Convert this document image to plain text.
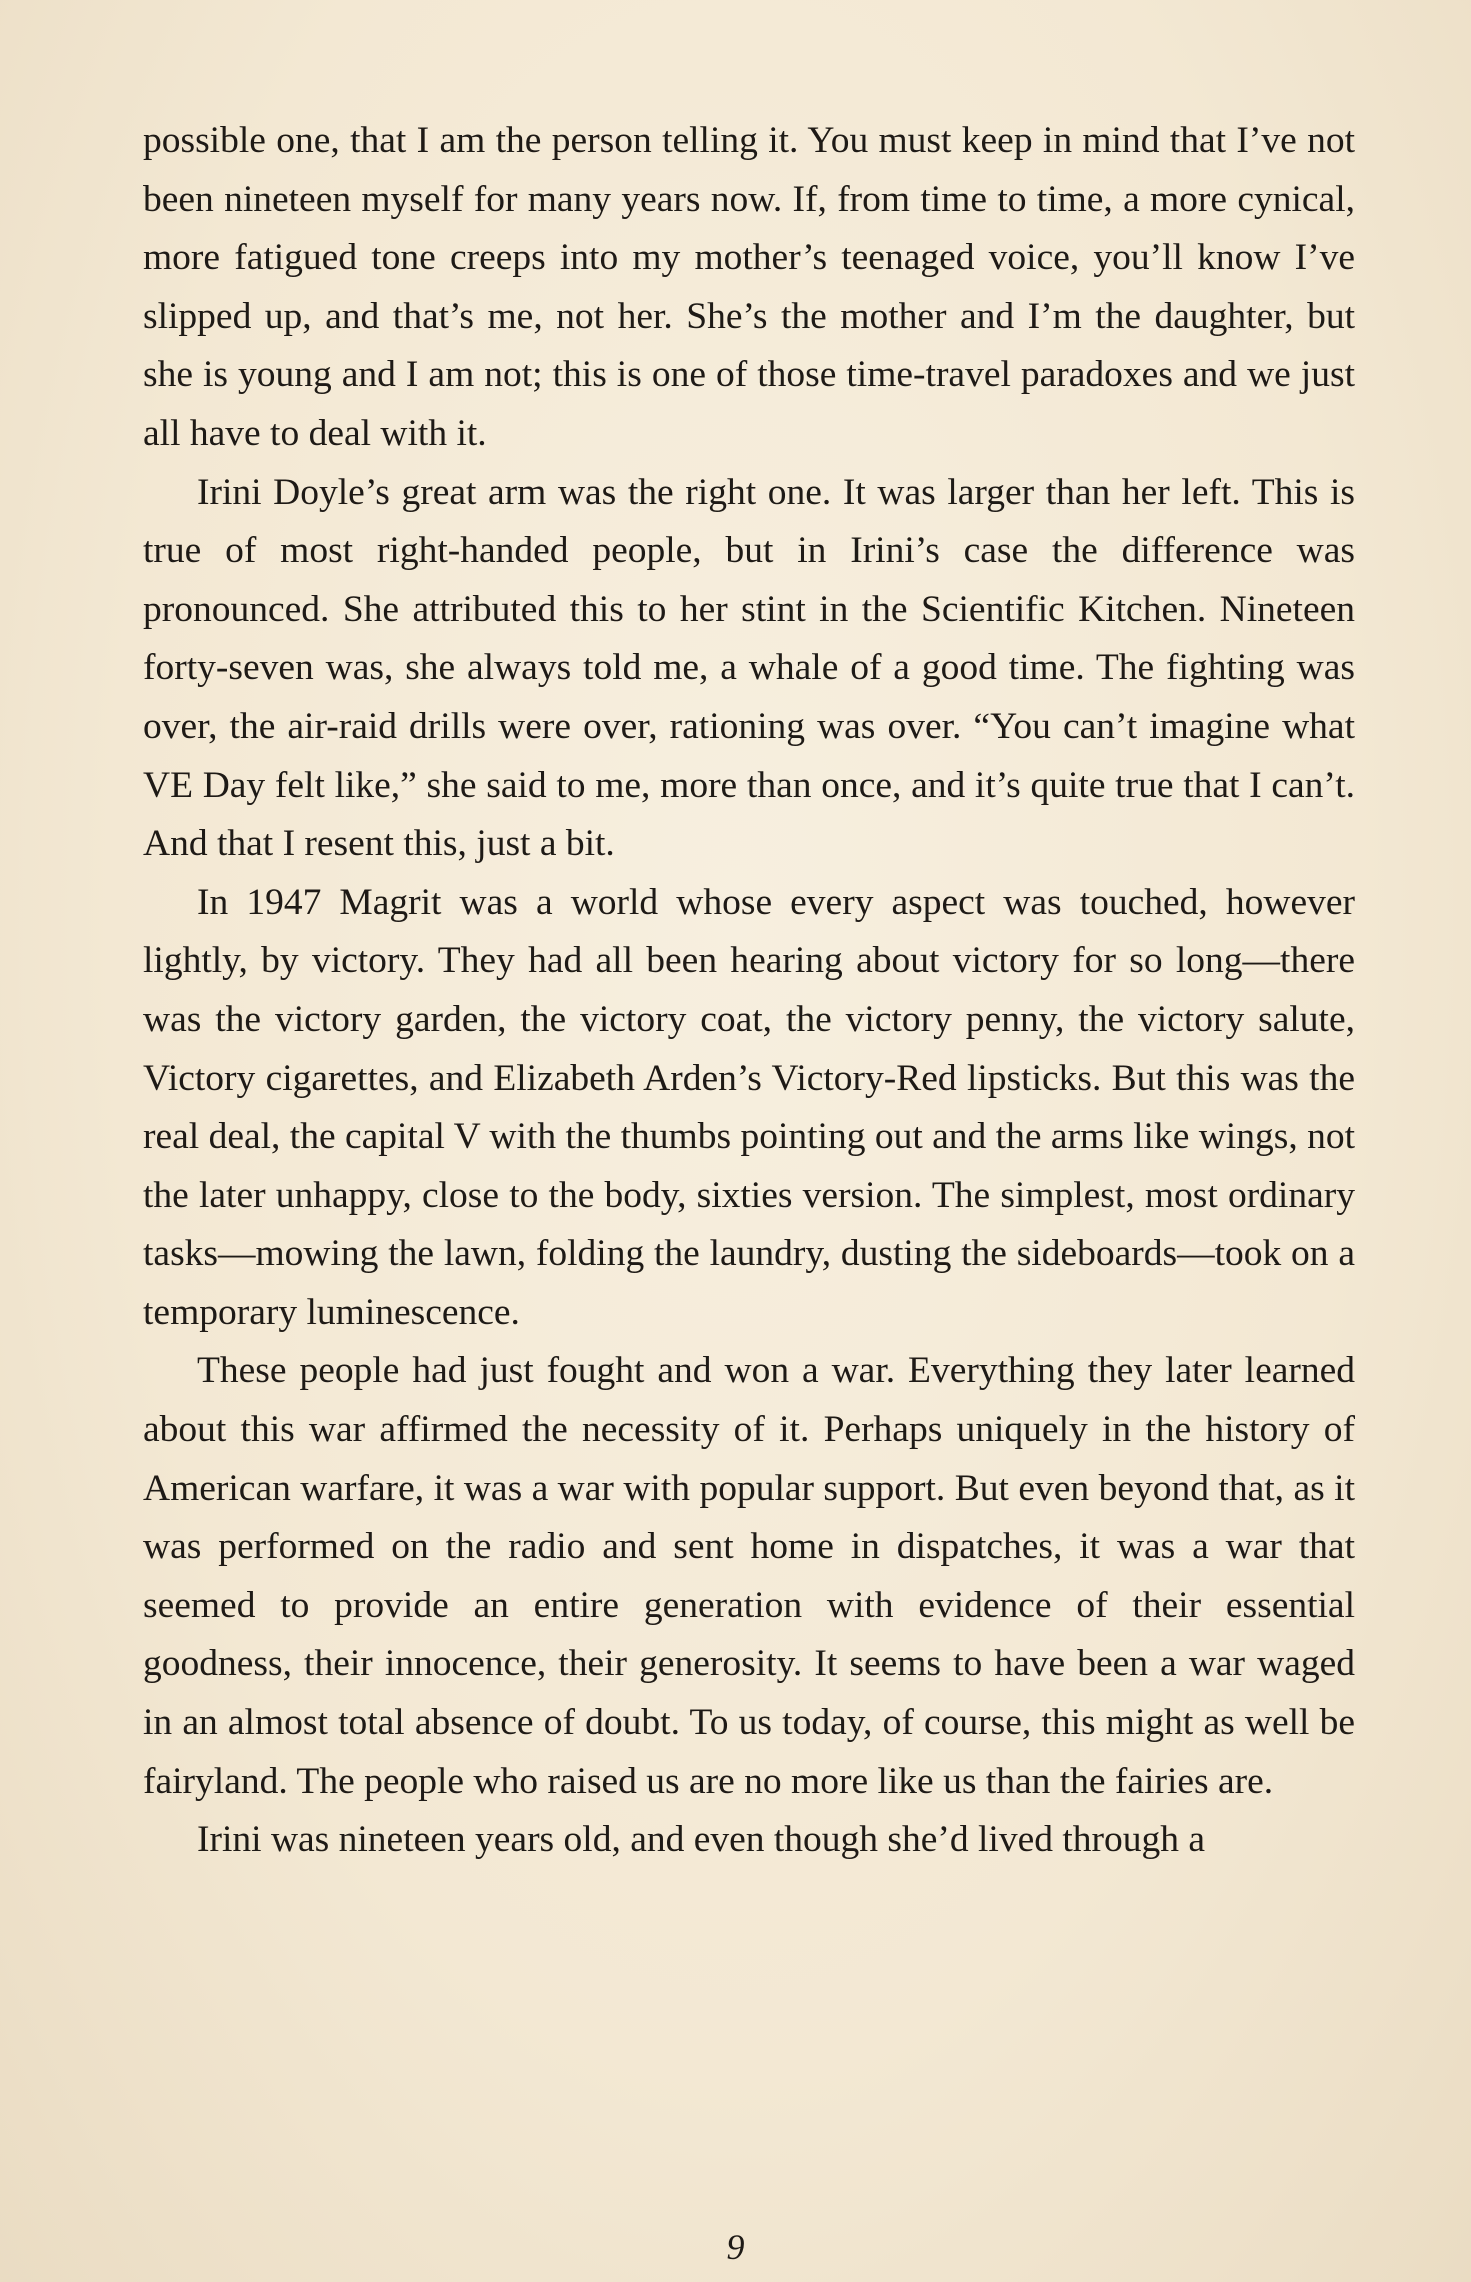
possible one, that I am the person telling it. You must keep in mind that I’ve not been nineteen myself for many years now. If, from time to time, a more cynical, more fatigued tone creeps into my mother’s teenaged voice, you’ll know I’ve slipped up, and that’s me, not her. She’s the mother and I’m the daughter, but she is young and I am not; this is one of those time-travel paradoxes and we just all have to deal with it.

Irini Doyle’s great arm was the right one. It was larger than her left. This is true of most right-handed people, but in Irini’s case the difference was pronounced. She attributed this to her stint in the Scientific Kitchen. Nineteen forty-seven was, she always told me, a whale of a good time. The fighting was over, the air-raid drills were over, rationing was over. “You can’t imagine what VE Day felt like,” she said to me, more than once, and it’s quite true that I can’t. And that I resent this, just a bit.

In 1947 Magrit was a world whose every aspect was touched, however lightly, by victory. They had all been hearing about victory for so long—there was the victory garden, the victory coat, the victory penny, the victory salute, Victory cigarettes, and Elizabeth Arden’s Victory-Red lipsticks. But this was the real deal, the capital V with the thumbs pointing out and the arms like wings, not the later unhappy, close to the body, sixties version. The simplest, most ordinary tasks—mowing the lawn, folding the laundry, dusting the sideboards—took on a temporary luminescence.

These people had just fought and won a war. Everything they later learned about this war affirmed the necessity of it. Perhaps uniquely in the history of American warfare, it was a war with popular support. But even beyond that, as it was performed on the radio and sent home in dispatches, it was a war that seemed to provide an entire generation with evidence of their essential goodness, their innocence, their generosity. It seems to have been a war waged in an almost total absence of doubt. To us today, of course, this might as well be fairyland. The people who raised us are no more like us than the fairies are.

Irini was nineteen years old, and even though she’d lived through a

9
